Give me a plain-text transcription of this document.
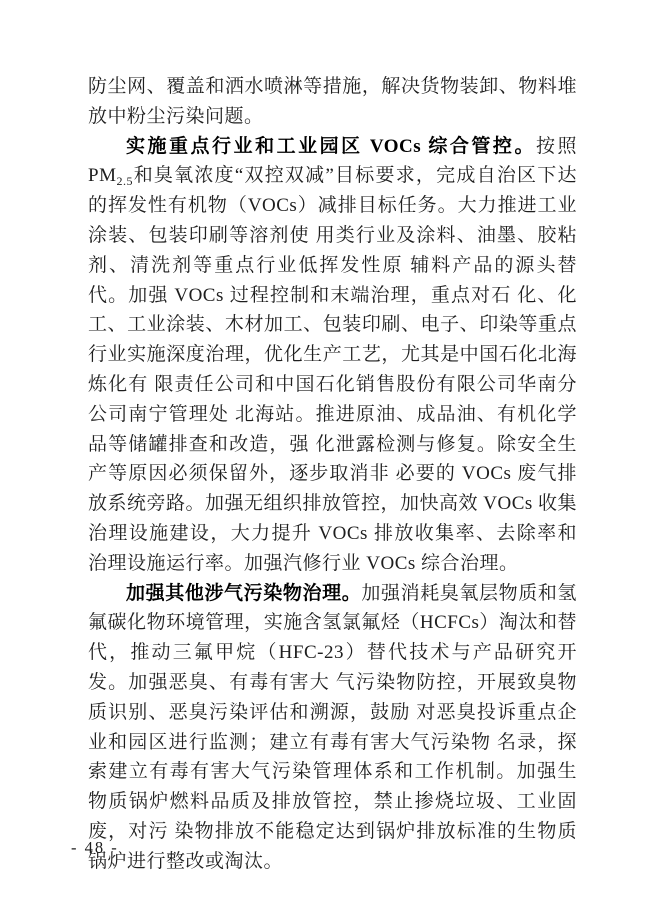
防尘网、覆盖和洒水喷淋等措施，解决货物装卸、物料堆放中粉尘污染问题。

实施重点行业和工业园区 VOCs 综合管控。按照 $PM_{2.5}$和臭氧浓度“双控双减”目标要求，完成自治区下达的挥发性有机物（VOCs）减排目标任务。大力推进工业涂装、包装印刷等溶剂使 用类行业及涂料、油墨、胶粘剂、清洗剂等重点行业低挥发性原 辅料产品的源头替代。加强 VOCs 过程控制和末端治理，重点对石 化、化工、工业涂装、木材加工、包装印刷、电子、印染等重点 行业实施深度治理，优化生产工艺，尤其是中国石化北海炼化有 限责任公司和中国石化销售股份有限公司华南分公司南宁管理处 北海站。推进原油、成品油、有机化学品等储罐排查和改造，强 化泄露检测与修复。除安全生产等原因必须保留外，逐步取消非 必要的 VOCs 废气排放系统旁路。加强无组织排放管控，加快高效 VOCs 收集治理设施建设，大力提升 VOCs 排放收集率、去除率和 治理设施运行率。加强汽修行业 VOCs 综合治理。

加强其他涉气污染物治理。加强消耗臭氧层物质和氢氟碳化物环境管理，实施含氢氯氟烃（HCFCs）淘汰和替代，推动三氟甲烷（HFC-23）替代技术与产品研究开发。加强恶臭、有毒有害大 气污染物防控，开展致臭物质识别、恶臭污染评估和溯源，鼓励 对恶臭投诉重点企业和园区进行监测；建立有毒有害大气污染物 名录，探索建立有毒有害大气污染管理体系和工作机制。加强生 物质锅炉燃料品质及排放管控，禁止掺烧垃圾、工业固废，对污 染物排放不能稳定达到锅炉排放标准的生物质锅炉进行整改或淘汰。

- 48 -
